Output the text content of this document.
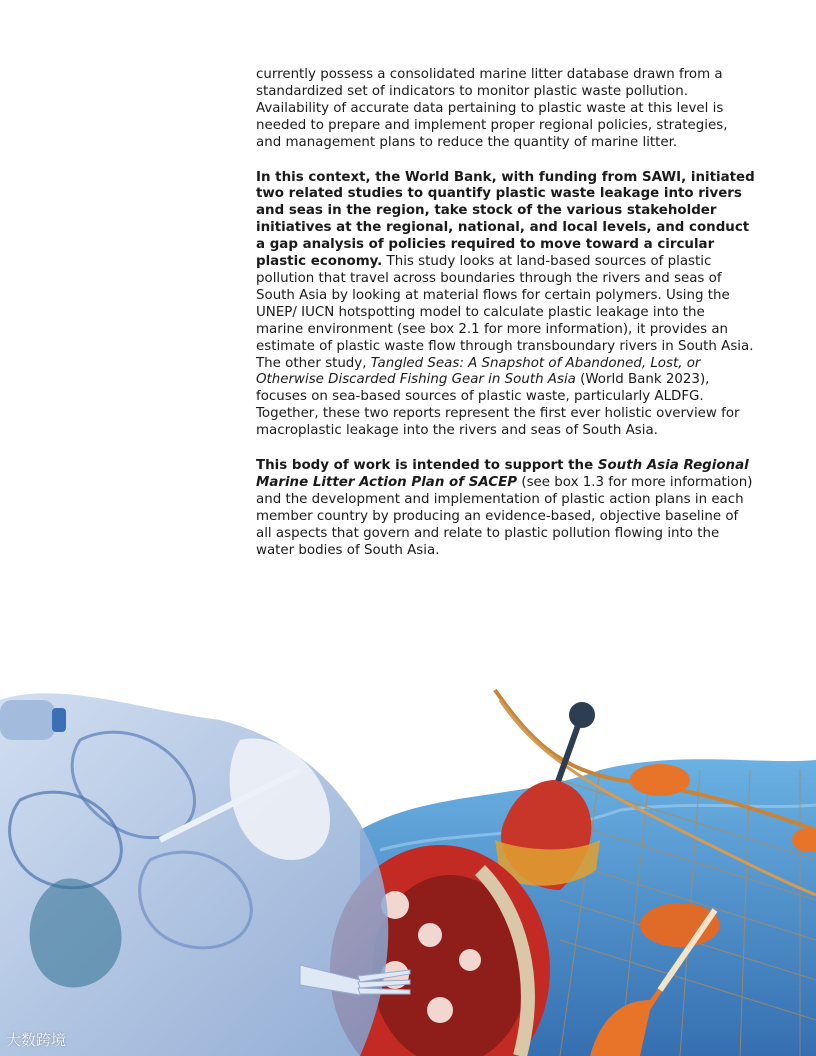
currently possess a consolidated marine litter database drawn from a standardized set of indicators to monitor plastic waste pollution. Availability of accurate data pertaining to plastic waste at this level is needed to prepare and implement proper regional policies, strategies, and management plans to reduce the quantity of marine litter.

In this context, the World Bank, with funding from SAWI, initiated two related studies to quantify plastic waste leakage into rivers and seas in the region, take stock of the various stakeholder initiatives at the regional, national, and local levels, and conduct a gap analysis of policies required to move toward a circular plastic economy. This study looks at land-based sources of plastic pollution that travel across boundaries through the rivers and seas of South Asia by looking at material flows for certain polymers. Using the UNEP/ IUCN hotspotting model to calculate plastic leakage into the marine environment (see box 2.1 for more information), it provides an estimate of plastic waste flow through transboundary rivers in South Asia. The other study, Tangled Seas: A Snapshot of Abandoned, Lost, or Otherwise Discarded Fishing Gear in South Asia (World Bank 2023), focuses on sea-based sources of plastic waste, particularly ALDFG. Together, these two reports represent the first ever holistic overview for macroplastic leakage into the rivers and seas of South Asia.

This body of work is intended to support the South Asia Regional Marine Litter Action Plan of SACEP (see box 1.3 for more information) and the development and implementation of plastic action plans in each member country by producing an evidence-based, objective baseline of all aspects that govern and relate to plastic pollution flowing into the water bodies of South Asia.

大数跨境
